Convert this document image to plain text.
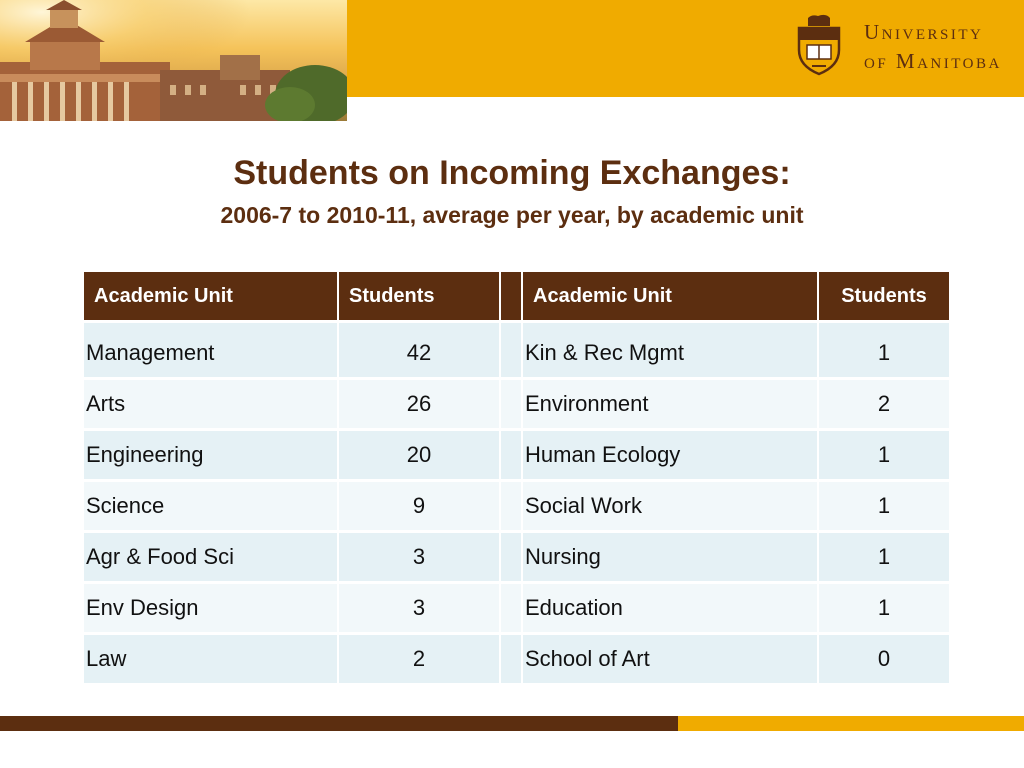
University
of Manitoba
Students on Incoming Exchanges:
2006-7 to 2010-11, average per year, by academic unit
Academic Unit	Students		Academic Unit	Students
Management	42		Kin & Rec Mgmt	1
Arts	26		Environment	2
Engineering	20		Human Ecology	1
Science	9		Social Work	1
Agr & Food Sci	3		Nursing	1
Env Design	3		Education	1
Law	2		School of Art	0
